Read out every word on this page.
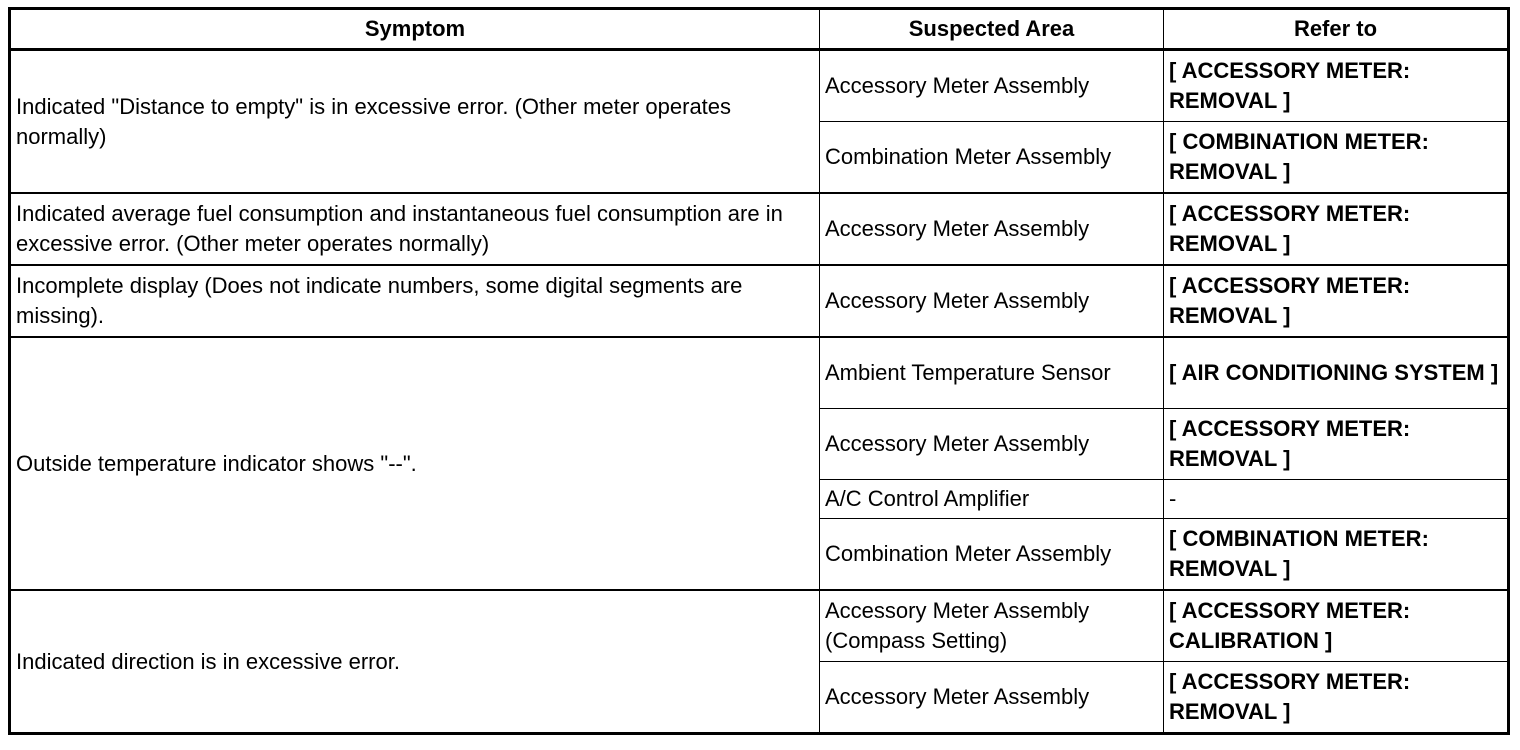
Symptom	Suspected Area	Refer to
Indicated "Distance to empty" is in excessive error. (Other meter operates normally)	Accessory Meter Assembly	[ ACCESSORY METER: REMOVAL ]
	Combination Meter Assembly	[ COMBINATION METER: REMOVAL ]
Indicated average fuel consumption and instantaneous fuel consumption are in excessive error. (Other meter operates normally)	Accessory Meter Assembly	[ ACCESSORY METER: REMOVAL ]
Incomplete display (Does not indicate numbers, some digital segments are missing).	Accessory Meter Assembly	[ ACCESSORY METER: REMOVAL ]
Outside temperature indicator shows "--".	Ambient Temperature Sensor	[ AIR CONDITIONING SYSTEM ]
	Accessory Meter Assembly	[ ACCESSORY METER: REMOVAL ]
	A/C Control Amplifier	-
	Combination Meter Assembly	[ COMBINATION METER: REMOVAL ]
Indicated direction is in excessive error.	Accessory Meter Assembly (Compass Setting)	[ ACCESSORY METER: CALIBRATION ]
	Accessory Meter Assembly	[ ACCESSORY METER: REMOVAL ]
